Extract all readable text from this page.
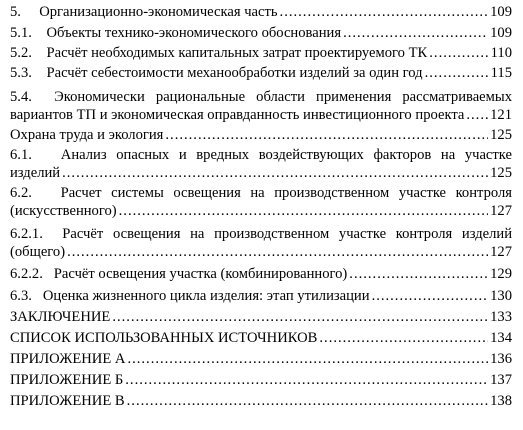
5. Организационно-экономическая часть .....	109
5.1. Объекты технико-экономического обоснования .....	109
5.2. Расчёт необходимых капитальных затрат проектируемого ТК .....	110
5.3. Расчёт себестоимости механообработки изделий за один год .....	115
5.4. Экономически рациональные области применения рассматриваемых
вариантов ТП и экономическая оправданность инвестиционного проекта ..... 121
Охрана труда и экология .....	125
6.1. Анализ опасных и вредных воздействующих факторов на участке
изделий .....	125
6.2. Расчет системы освещения на производственном участке контроля
(искусственного) .....	127
6.2.1. Расчёт освещения на производственном участке контроля изделий
(общего) .....	127
6.2.2. Расчёт освещения участка (комбинированного) .....	129
6.3. Оценка жизненного цикла изделия: этап утилизации .....	130
ЗАКЛЮЧЕНИЕ .....	133
СПИСОК ИСПОЛЬЗОВАННЫХ ИСТОЧНИКОВ .....	134
ПРИЛОЖЕНИЕ А .....	136
ПРИЛОЖЕНИЕ Б .....	137
ПРИЛОЖЕНИЕ В .....	138
